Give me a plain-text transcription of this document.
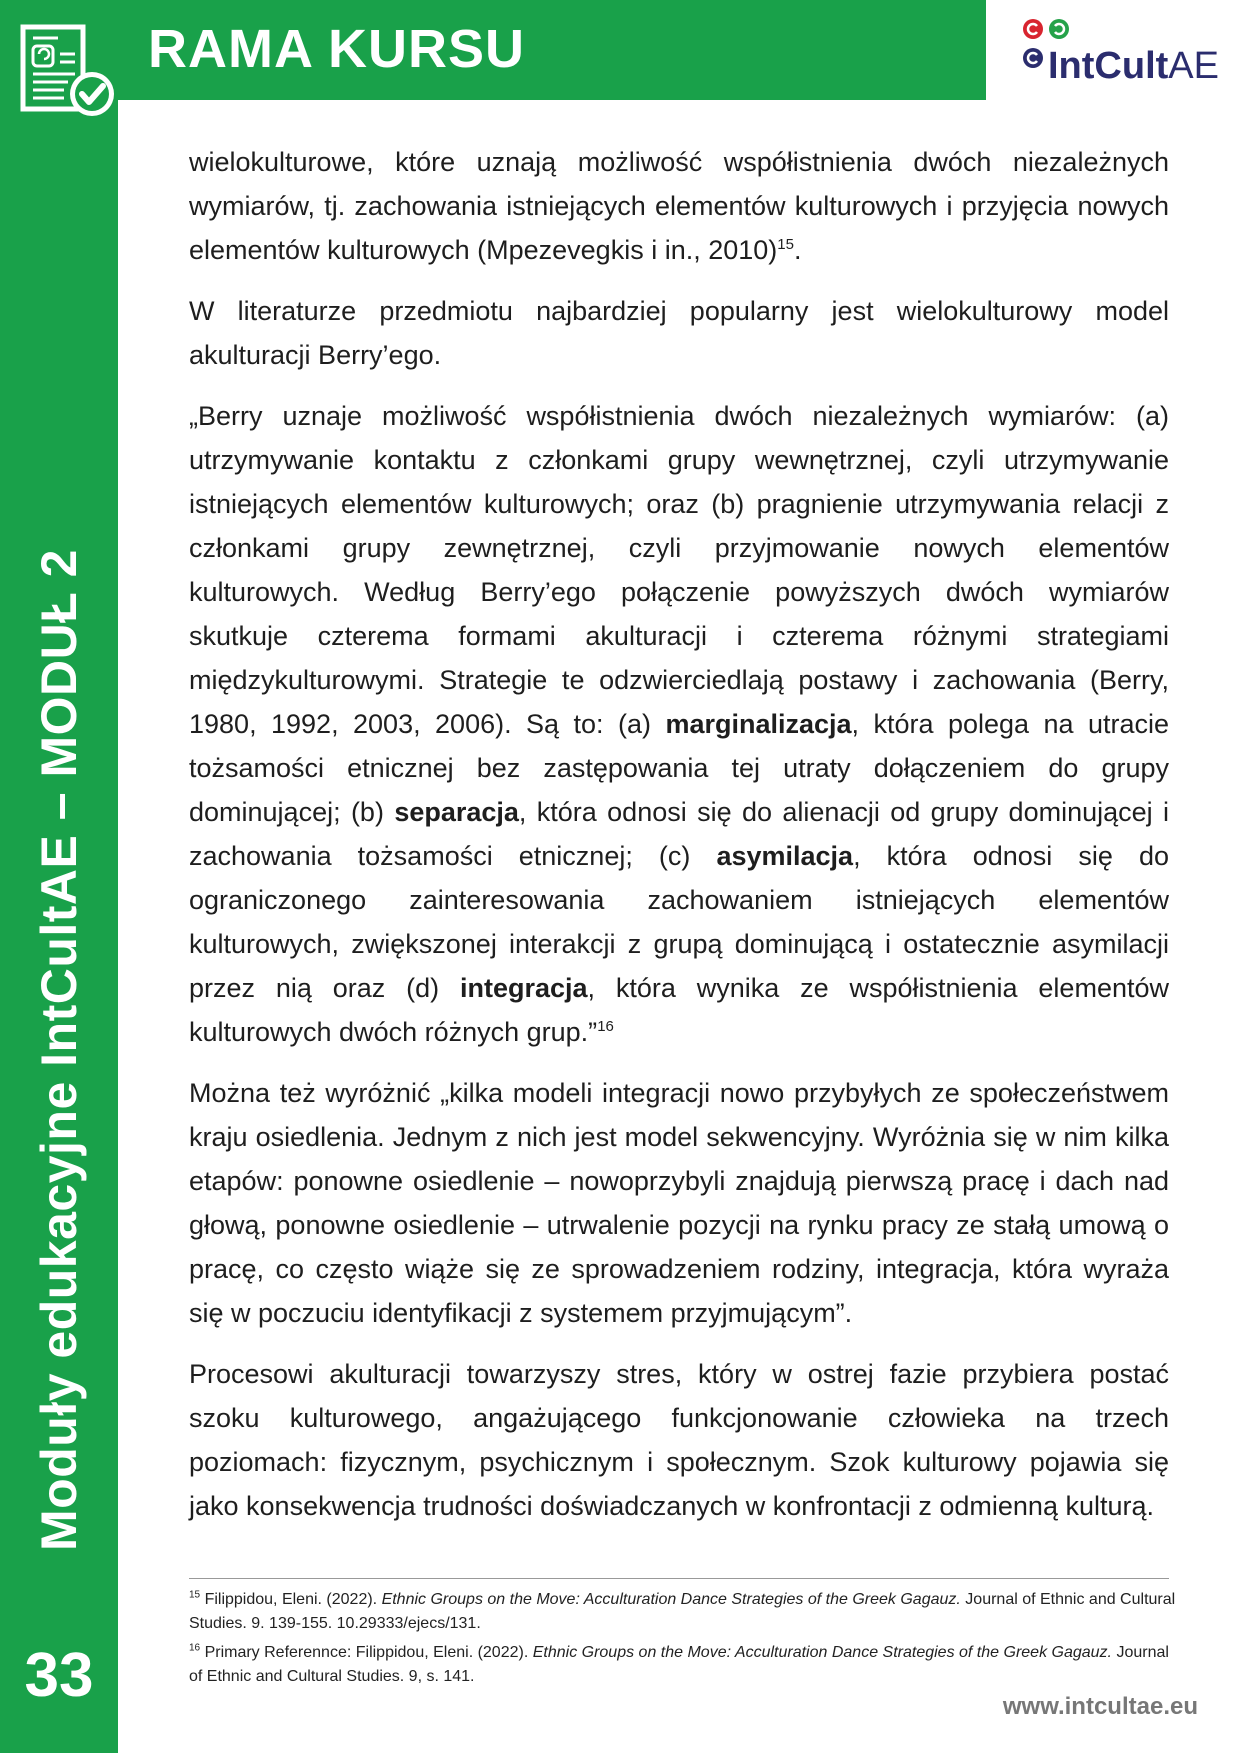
RAMA KURSU	IntCultAE
Moduły edukacyjne IntCultAE – MODUŁ 2
33

wielokulturowe, które uznają możliwość współistnienia dwóch niezależnych wymiarów, tj. zachowania istniejących elementów kulturowych i przyjęcia nowych elementów kulturowych (Mpezevegkis i in., 2010)$^{15}$.

W literaturze przedmiotu najbardziej popularny jest wielokulturowy model akulturacji Berry’ego.

„Berry uznaje możliwość współistnienia dwóch niezależnych wymiarów: (a) utrzymywanie kontaktu z członkami grupy wewnętrznej, czyli utrzymywanie istniejących elementów kulturowych; oraz (b) pragnienie utrzymywania relacji z członkami grupy zewnętrznej, czyli przyjmowanie nowych elementów kulturowych. Według Berry’ego połączenie powyższych dwóch wymiarów skutkuje czterema formami akulturacji i czterema różnymi strategiami międzykulturowymi. Strategie te odzwierciedlają postawy i zachowania (Berry, 1980, 1992, 2003, 2006). Są to: (a) marginalizacja, która polega na utracie tożsamości etnicznej bez zastępowania tej utraty dołączeniem do grupy dominującej; (b) separacja, która odnosi się do alienacji od grupy dominującej i zachowania tożsamości etnicznej; (c) asymilacja, która odnosi się do ograniczonego zainteresowania zachowaniem istniejących elementów kulturowych, zwiększonej interakcji z grupą dominującą i ostatecznie asymilacji przez nią oraz (d) integracja, która wynika ze współistnienia elementów kulturowych dwóch różnych grup.”$^{16}$

Można też wyróżnić „kilka modeli integracji nowo przybyłych ze społeczeństwem kraju osiedlenia. Jednym z nich jest model sekwencyjny. Wyróżnia się w nim kilka etapów: ponowne osiedlenie – nowoprzybyli znajdują pierwszą pracę i dach nad głową, ponowne osiedlenie – utrwalenie pozycji na rynku pracy ze stałą umową o pracę, co często wiąże się ze sprowadzeniem rodziny, integracja, która wyraża się w poczuciu identyfikacji z systemem przyjmującym”.

Procesowi akulturacji towarzyszy stres, który w ostrej fazie przybiera postać szoku kulturowego, angażującego funkcjonowanie człowieka na trzech poziomach: fizycznym, psychicznym i społecznym. Szok kulturowy pojawia się jako konsekwencja trudności doświadczanych w konfrontacji z odmienną kulturą.

$^{15}$ Filippidou, Eleni. (2022). Ethnic Groups on the Move: Acculturation Dance Strategies of the Greek Gagauz. Journal of Ethnic and Cultural Studies. 9. 139-155. 10.29333/ejecs/131.

$^{16}$ Primary Referennce: Filippidou, Eleni. (2022). Ethnic Groups on the Move: Acculturation Dance Strategies of the Greek Gagauz. Journal of Ethnic and Cultural Studies. 9, s. 141.

www.intcultae.eu
